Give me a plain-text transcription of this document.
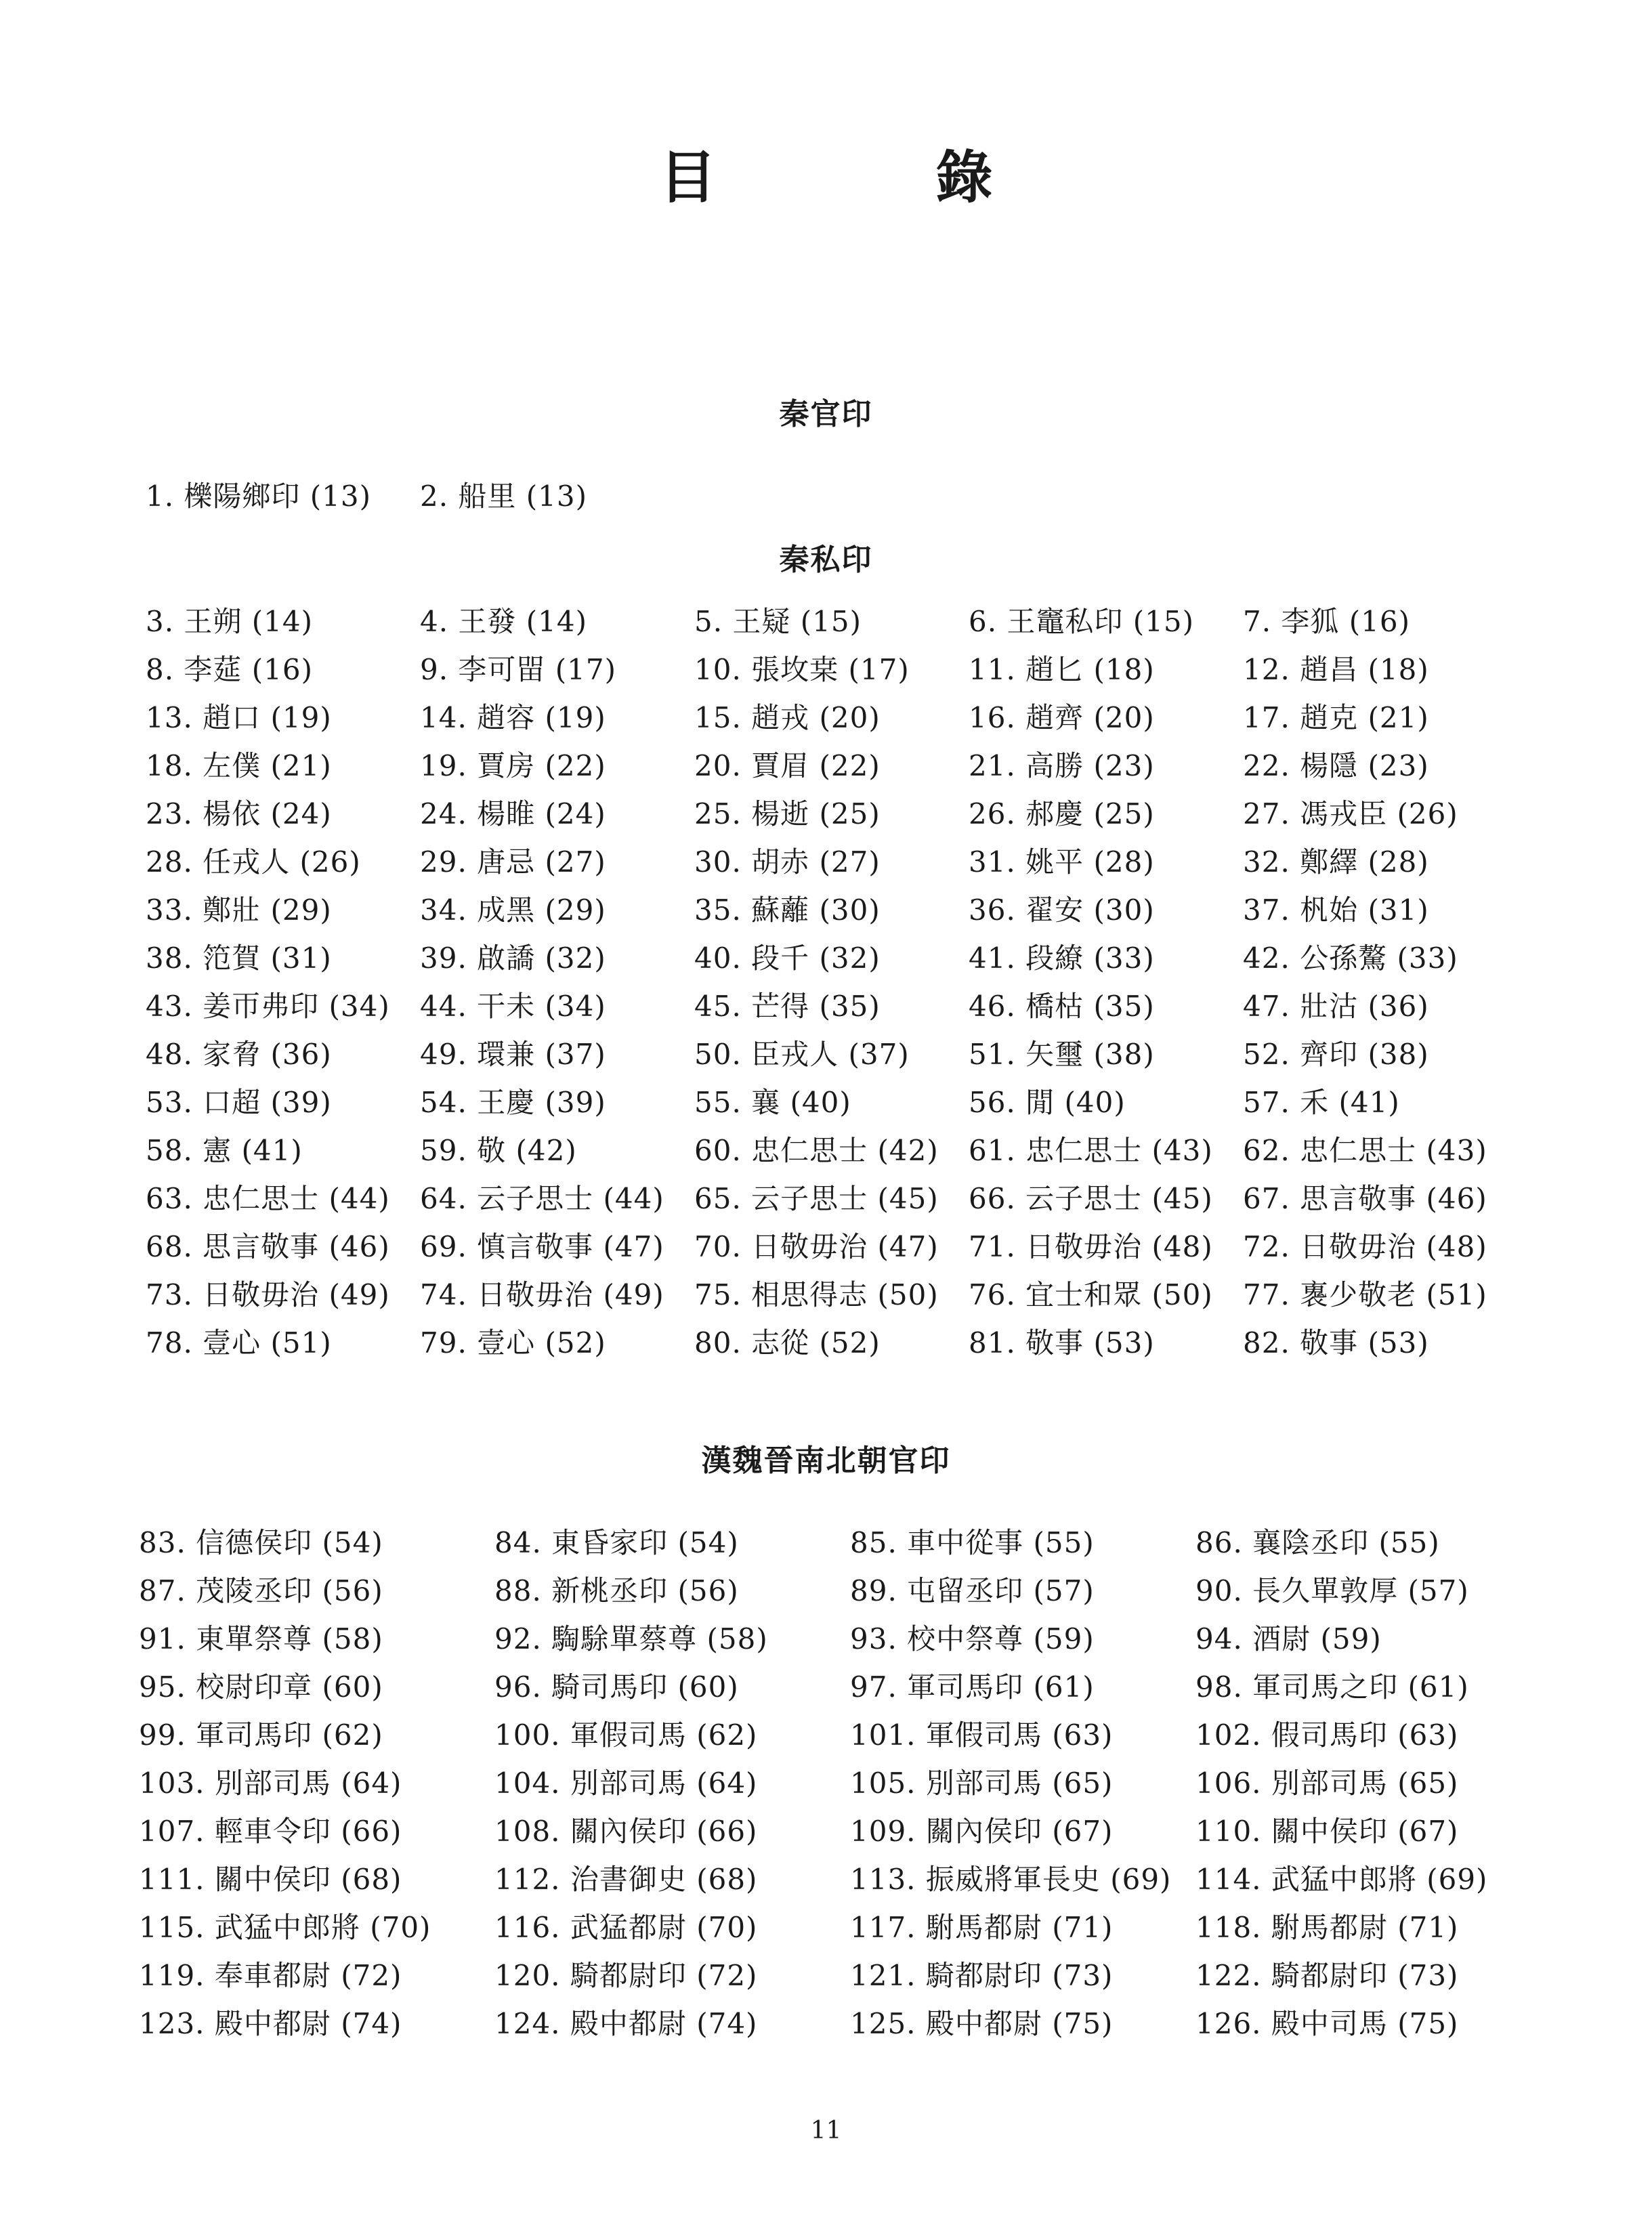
目　錄
秦官印
1. 櫟陽鄉印 (13) 2. 船里 (13)
秦私印
3. 王朔 (14)	4. 王發 (14)	5. 王疑 (15)	6. 王竈私印 (15) 7. 李狐 (16)
8. 李莚 (16)	9. 李可㽞 (17)	10. 張坆枽 (17) 11. 趙匕 (18)	12. 趙昌 (18)
13. 趙口 (19)	14. 趙容 (19)	15. 趙戎 (20)	16. 趙齊 (20)	17. 趙克 (21)
18. 左僕 (21)	19. 賈房 (22)	20. 賈眉 (22)	21. 高勝 (23)	22. 楊隱 (23)
23. 楊依 (24)	24. 楊睢 (24)	25. 楊逝 (25)	26. 郝慶 (25)	27. 馮戎臣 (26)
28. 任戎人 (26) 29. 唐忌 (27)	30. 胡赤 (27)	31. 姚平 (28)	32. 鄭繹 (28)
33. 鄭壯 (29)	34. 成黑 (29)	35. 蘇蘺 (30)	36. 翟安 (30)	37. 杋始 (31)
38. 笵賀 (31)	39. 啟譑 (32)	40. 段千 (32)	41. 段繚 (33)	42. 公孫驁 (33)
43. 姜帀弗印 (34) 44. 干未 (34)	45. 芒得 (35)	46. 橋枯 (35)	47. 壯沽 (36)
48. 家脅 (36)	49. 環兼 (37)	50. 臣戎人 (37) 51. 矢璽 (38)	52. 齊印 (38)
53. 口超 (39)	54. 王慶 (39)	55. 襄 (40)	56. 閒 (40)	57. 禾 (41)
58. 憲 (41)	59. 敬 (42)	60. 忠仁思士 (42) 61. 忠仁思士 (43) 62. 忠仁思士 (43)
63. 忠仁思士 (44) 64. 云子思士 (44) 65. 云子思士 (45) 66. 云子思士 (45) 67. 思言敬事 (46)
68. 思言敬事 (46) 69. 慎言敬事 (47) 70. 日敬毋治 (47) 71. 日敬毋治 (48) 72. 日敬毋治 (48)
73. 日敬毋治 (49) 74. 日敬毋治 (49) 75. 相思得志 (50) 76. 宜士和眾 (50) 77. 褢少敬老 (51)
78. 壹心 (51)	79. 壹心 (52)	80. 志從 (52)	81. 敬事 (53)	82. 敬事 (53)
漢魏晉南北朝官印
83. 信德侯印 (54)	84. 東昏家印 (54)	85. 車中從事 (55)	86. 襄陰丞印 (55)
87. 茂陵丞印 (56)	88. 新桃丞印 (56)	89. 屯留丞印 (57)	90. 長久單敦厚 (57)
91. 東單祭尊 (58)	92. 騊駼單蔡尊 (58)	93. 校中祭尊 (59)	94. 酒尉 (59)
95. 校尉印章 (60)	96. 騎司馬印 (60)	97. 軍司馬印 (61)	98. 軍司馬之印 (61)
99. 軍司馬印 (62)	100. 軍假司馬 (62)	101. 軍假司馬 (63)	102. 假司馬印 (63)
103. 別部司馬 (64)	104. 別部司馬 (64)	105. 別部司馬 (65)	106. 別部司馬 (65)
107. 輕車令印 (66)	108. 關內侯印 (66)	109. 關內侯印 (67)	110. 關中侯印 (67)
111. 關中侯印 (68)	112. 治書御史 (68)	113. 振威將軍長史 (69) 114. 武猛中郎將 (69)
115. 武猛中郎將 (70) 116. 武猛都尉 (70)	117. 駙馬都尉 (71)	118. 駙馬都尉 (71)
119. 奉車都尉 (72)	120. 騎都尉印 (72)	121. 騎都尉印 (73)	122. 騎都尉印 (73)
123. 殿中都尉 (74)	124. 殿中都尉 (74)	125. 殿中都尉 (75)	126. 殿中司馬 (75)
11
